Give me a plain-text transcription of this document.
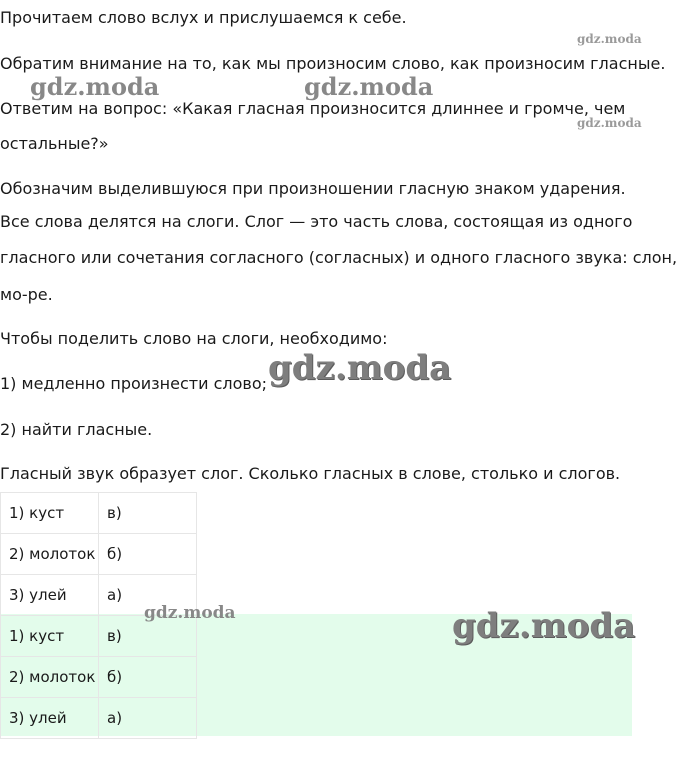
Прочитаем слово вслух и прислушаемся к себе.
Обратим внимание на то, как мы произносим слово, как произносим гласные.
Ответим на вопрос: «Какая гласная произносится длиннее и громче, чем
остальные?»
Обозначим выделившуюся при произношении гласную знаком ударения.
Все слова делятся на слоги. Слог — это часть слова, состоящая из одного
гласного или сочетания согласного (согласных) и одного гласного звука: слон,
мо-ре.
Чтобы поделить слово на слоги, необходимо:
1) медленно произнести слово;
2) найти гласные.
Гласный звук образует слог. Сколько гласных в слове, столько и слогов.
1) куст	в)
2) молоток	б)
3) улей	а)
1) куст	в)
2) молоток	б)
3) улей	а)
gdz.moda
gdz.moda	gdz.moda
gdz.moda
gdz.moda
gdz.moda	gdz.moda
